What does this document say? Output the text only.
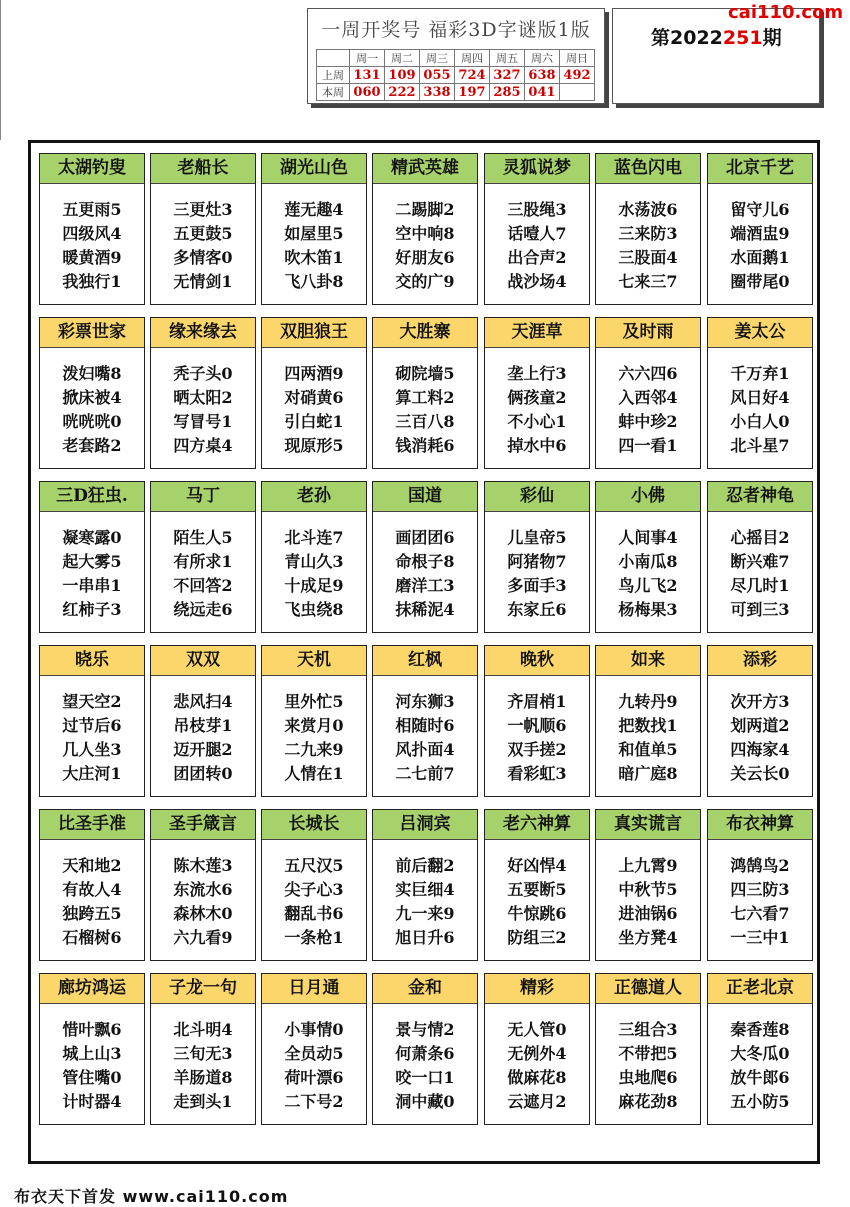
一周开奖号 福彩3D字谜版1版
	周一	周二	周三	周四	周五	周六	周日
上周	131	109	055	724	327	638	492
本周	060	222	338	197	285	041	
第2022251期
cai110.com
太湖钓叟
五更雨5
四级风4
暖黄酒9
我独行1
老船长
三更灶3
五更鼓5
多情客0
无情剑1
湖光山色
莲无趣4
如屋里5
吹木笛1
飞八卦8
精武英雄
二踢脚2
空中响8
好朋友6
交的广9
灵狐说梦
三股绳3
话噎人7
出合声2
战沙场4
蓝色闪电
水荡波6
三来防3
三股面4
七来三7
北京千艺
留守儿6
端酒盅9
水面鹅1
圈带尾0
彩票世家
泼妇嘴8
掀床被4
咣咣咣0
老套路2
缘来缘去
秃子头0
晒太阳2
写冒号1
四方桌4
双胆狼王
四两酒9
对硝黄6
引白蛇1
现原形5
大胜寨
砌院墙5
算工料2
三百八8
钱消耗6
天涯草
垄上行3
俩孩童2
不小心1
掉水中6
及时雨
六六四6
入西邻4
蚌中珍2
四一看1
姜太公
千万弃1
风日好4
小白人0
北斗星7
三D狂虫.
凝寒露0
起大雾5
一串串1
红柿子3
马丁
陌生人5
有所求1
不回答2
绕远走6
老孙
北斗连7
青山久3
十成足9
飞虫绕8
国道
画团团6
命根子8
磨洋工3
抹稀泥4
彩仙
儿皇帝5
阿猪物7
多面手3
东家丘6
小佛
人间事4
小南瓜8
鸟儿飞2
杨梅果3
忍者神龟
心摇目2
断兴难7
尽几时1
可到三3
晓乐
望天空2
过节后6
几人坐3
大庄河1
双双
悲风扫4
吊枝芽1
迈开腿2
团团转0
天机
里外忙5
来赏月0
二九来9
人情在1
红枫
河东狮3
相随时6
风扑面4
二七前7
晚秋
齐眉梢1
一帆顺6
双手搓2
看彩虹3
如来
九转丹9
把数找1
和值单5
暗广庭8
添彩
次开方3
划两道2
四海家4
关云长0
比圣手准
天和地2
有故人4
独跨五5
石榴树6
圣手箴言
陈木莲3
东流水6
森林木0
六九看9
长城长
五尺汉5
尖子心3
翻乱书6
一条枪1
吕洞宾
前后翻2
实巨细4
九一来9
旭日升6
老六神算
好凶悍4
五要断5
牛惊跳6
防组三2
真实谎言
上九霄9
中秋节5
进油锅6
坐方凳4
布衣神算
鸿鹄鸟2
四三防3
七六看7
一三中1
廊坊鸿运
惜叶飘6
城上山3
管住嘴0
计时器4
子龙一句
北斗明4
三旬无3
羊肠道8
走到头1
日月通
小事情0
全员动5
荷叶漂6
二下号2
金和
景与情2
何萧条6
咬一口1
洞中藏0
精彩
无人管0
无例外4
做麻花8
云遮月2
正德道人
三组合3
不带把5
虫地爬6
麻花劲8
正老北京
秦香莲8
大冬瓜0
放牛郎6
五小防5
布衣天下首发 www.cai110.com
